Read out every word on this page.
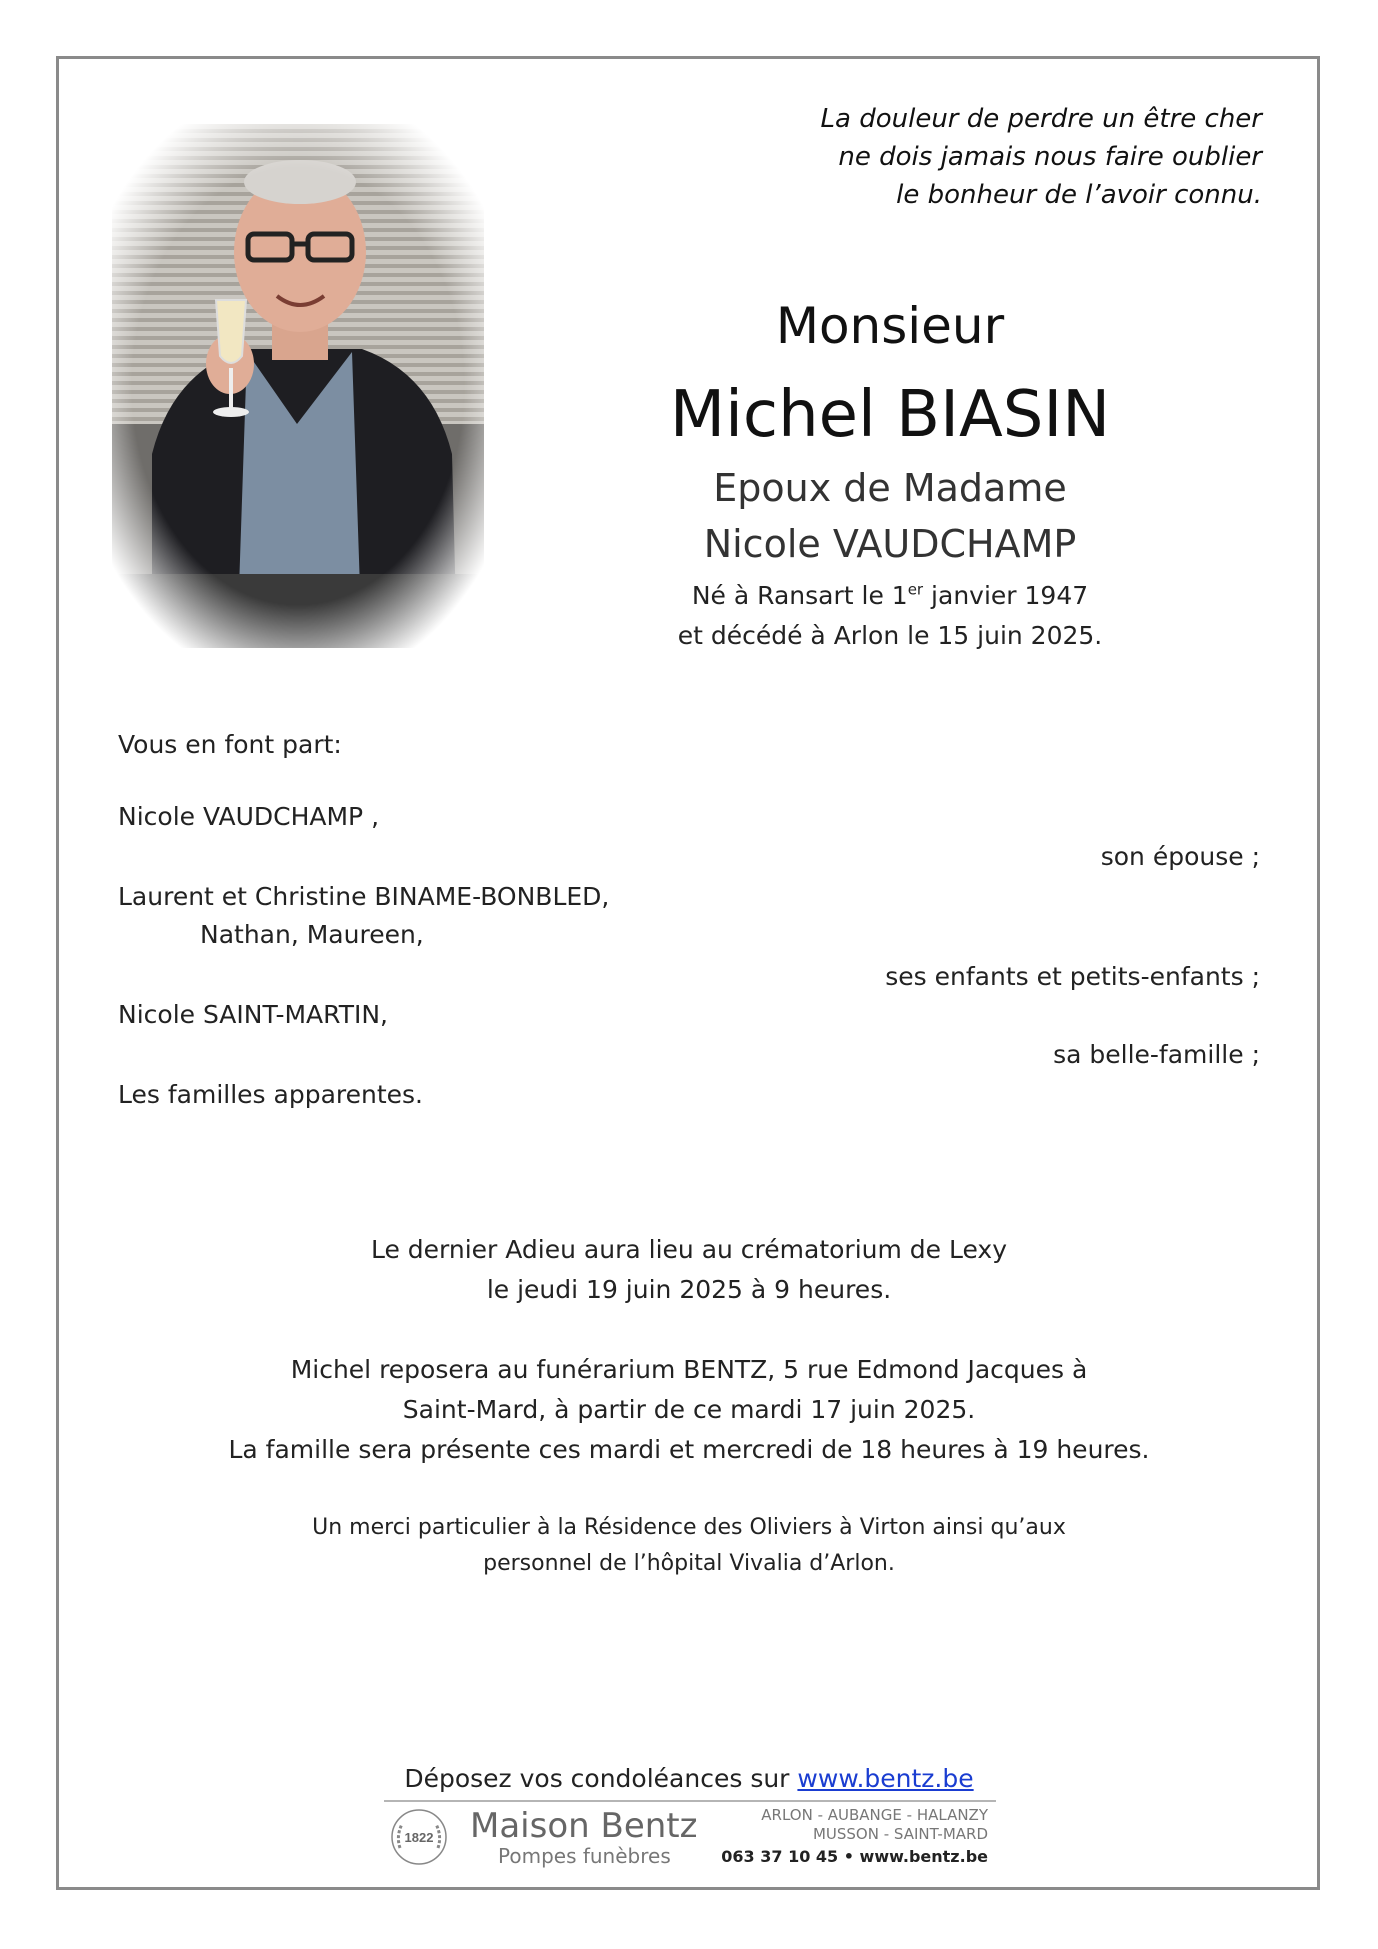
La douleur de perdre un être cher
ne dois jamais nous faire oublier
le bonheur de l’avoir connu.
Monsieur
Michel BIASIN
Epoux de Madame
Nicole VAUDCHAMP
Né à Ransart le 1er janvier 1947
et décédé à Arlon le 15 juin 2025.
Vous en font part:
Nicole VAUDCHAMP ,
son épouse ;
Laurent et Christine BINAME-BONBLED,
Nathan, Maureen,
ses enfants et petits-enfants ;
Nicole SAINT-MARTIN,
sa belle-famille ;
Les familles apparentes.
Le dernier Adieu aura lieu au crématorium de Lexy
le jeudi 19 juin 2025 à 9 heures.
Michel reposera au funérarium BENTZ, 5 rue Edmond Jacques à
Saint-Mard, à partir de ce mardi 17 juin 2025.
La famille sera présente ces mardi et mercredi de 18 heures à 19 heures.
Un merci particulier à la Résidence des Oliviers à Virton ainsi qu’aux
personnel de l’hôpital Vivalia d’Arlon.
Déposez vos condoléances sur www.bentz.be
1822 Maison Bentz
Pompes funèbres
ARLON - AUBANGE - HALANZY
MUSSON - SAINT-MARD
063 37 10 45 • www.bentz.be
